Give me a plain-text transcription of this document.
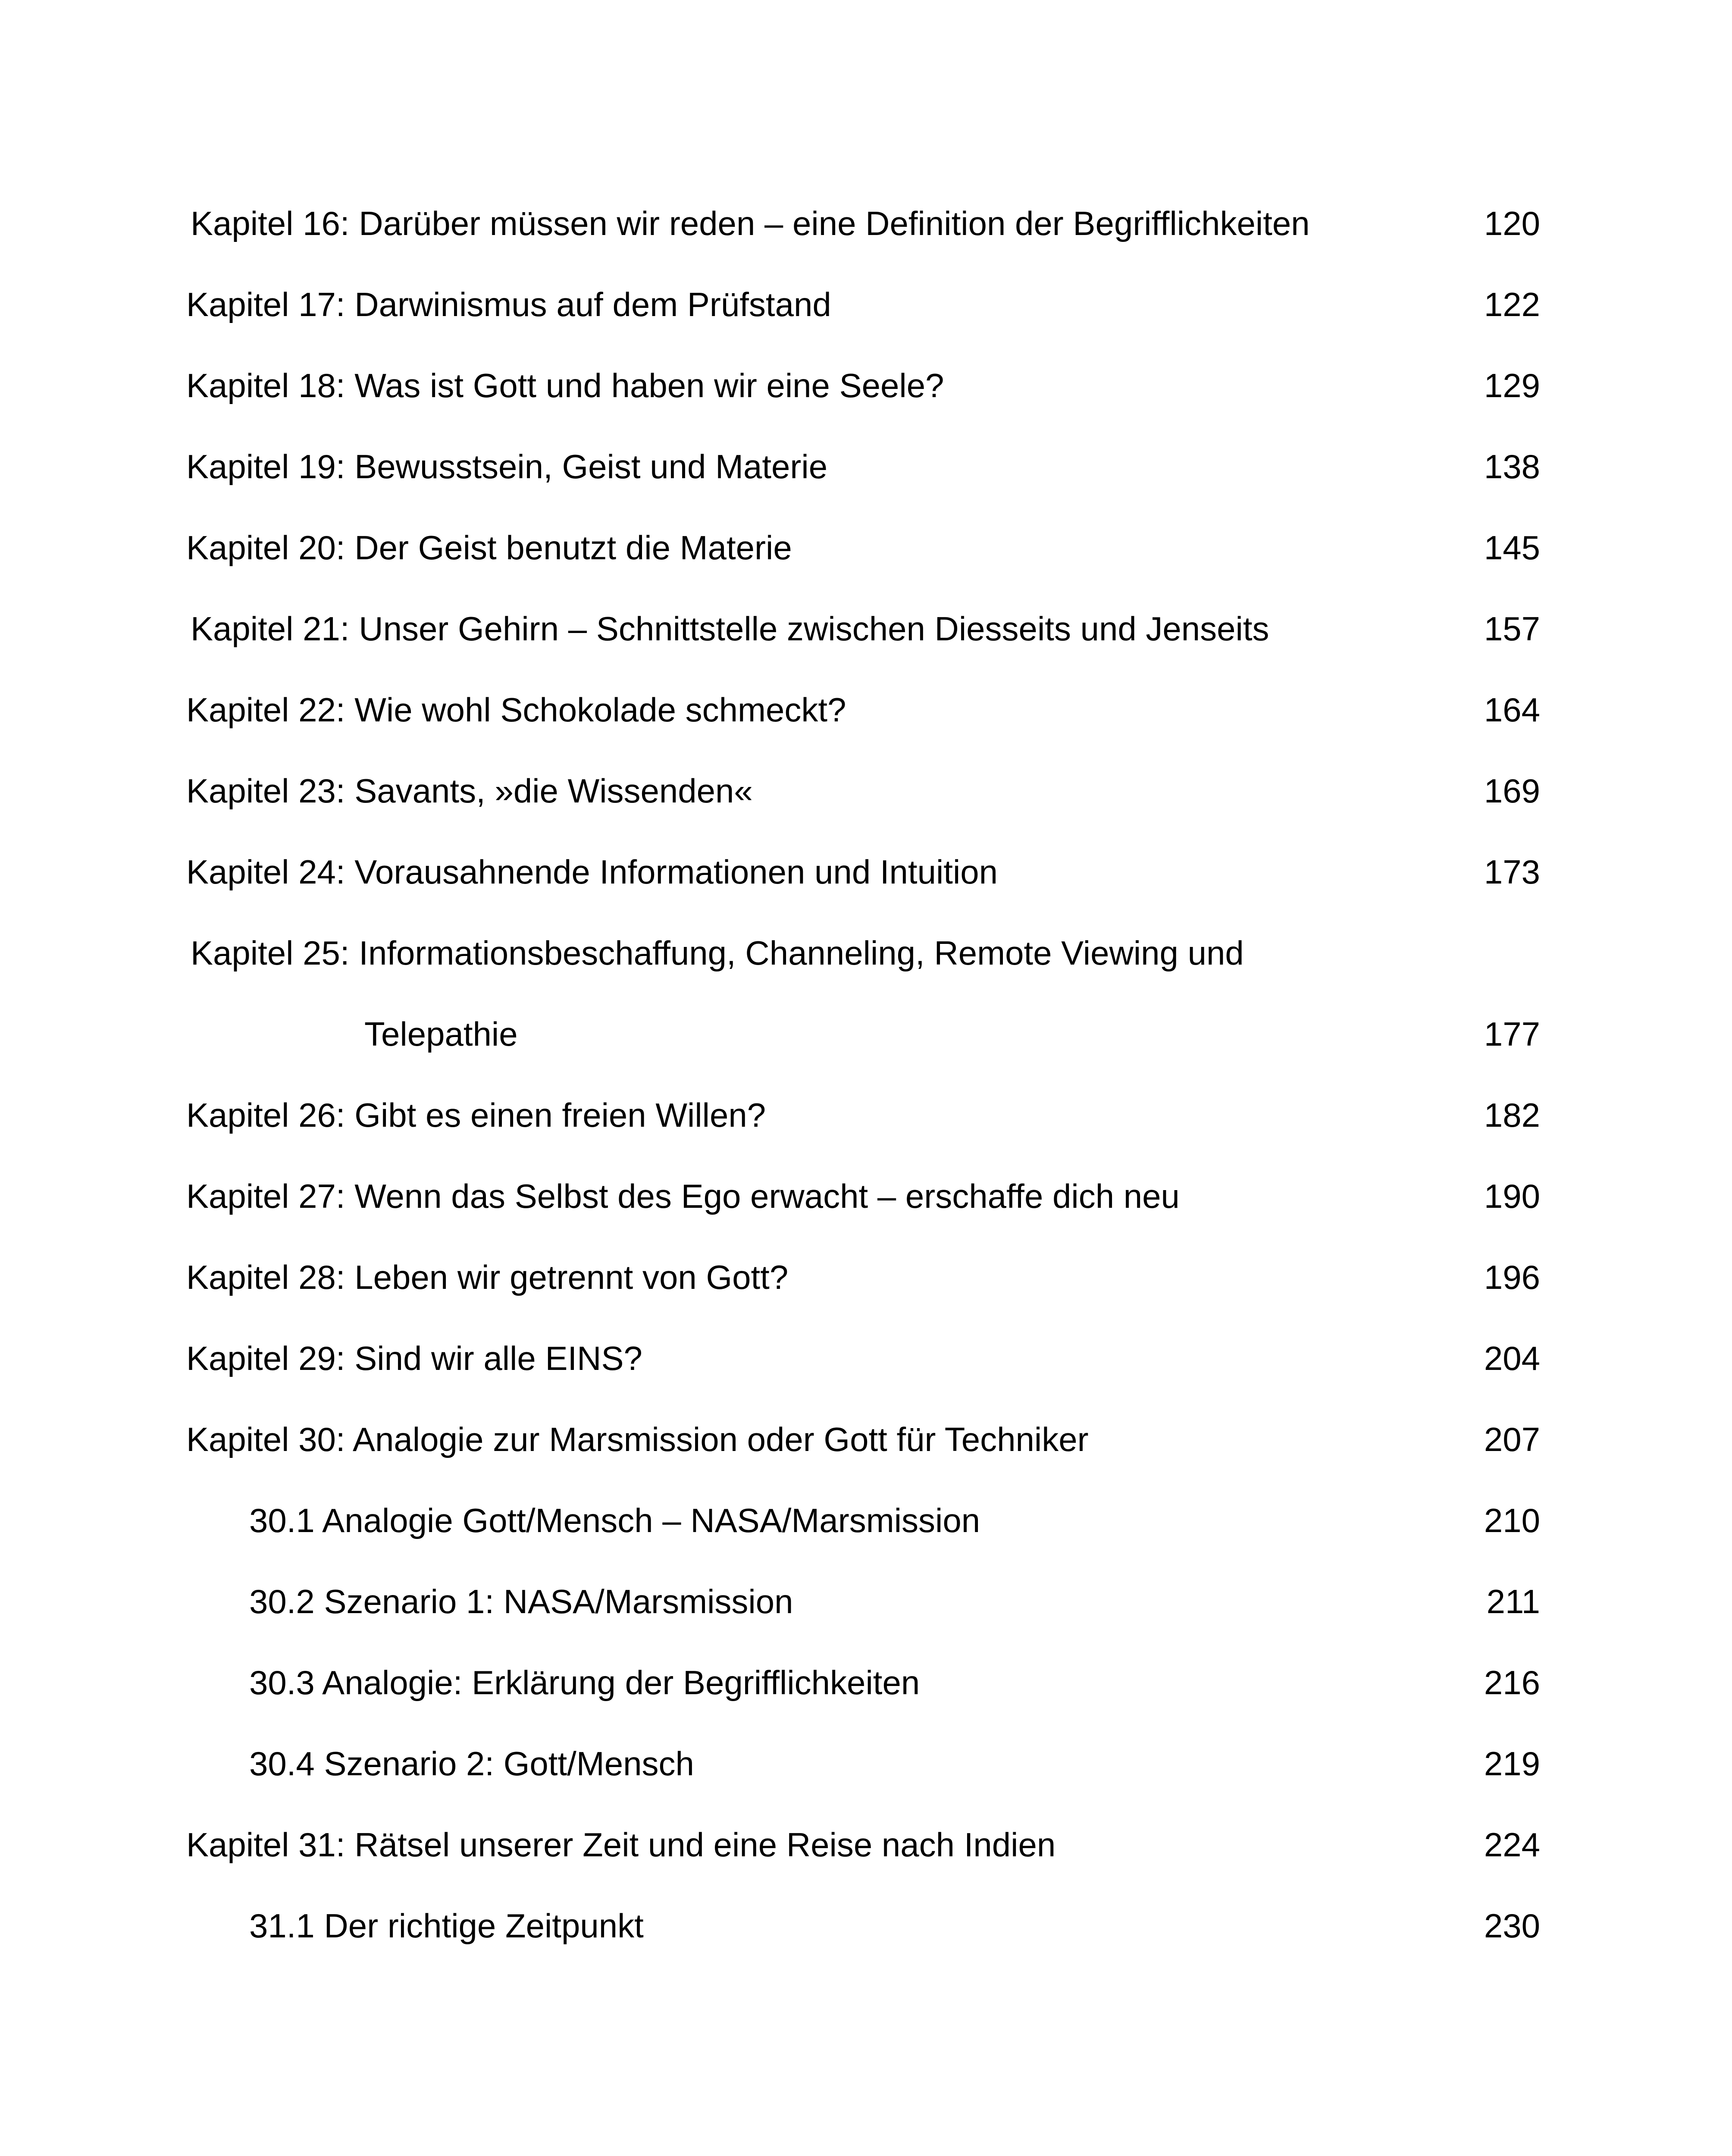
Kapitel 16: Darüber müssen wir reden – eine Definition der Begrifflichkeiten	120
Kapitel 17: Darwinismus auf dem Prüfstand	122
Kapitel 18: Was ist Gott und haben wir eine Seele?	129
Kapitel 19: Bewusstsein, Geist und Materie	138
Kapitel 20: Der Geist benutzt die Materie	145
Kapitel 21: Unser Gehirn – Schnittstelle zwischen Diesseits und Jenseits	157
Kapitel 22: Wie wohl Schokolade schmeckt?	164
Kapitel 23: Savants, »die Wissenden«	169
Kapitel 24: Vorausahnende Informationen und Intuition	173
Kapitel 25: Informationsbeschaffung, Channeling, Remote Viewing und
Telepathie	177
Kapitel 26: Gibt es einen freien Willen?	182
Kapitel 27: Wenn das Selbst des Ego erwacht – erschaffe dich neu	190
Kapitel 28: Leben wir getrennt von Gott?	196
Kapitel 29: Sind wir alle EINS?	204
Kapitel 30: Analogie zur Marsmission oder Gott für Techniker	207
30.1 Analogie Gott/Mensch – NASA/Marsmission	210
30.2 Szenario 1: NASA/Marsmission	211
30.3 Analogie: Erklärung der Begrifflichkeiten	216
30.4 Szenario 2: Gott/Mensch	219
Kapitel 31: Rätsel unserer Zeit und eine Reise nach Indien	224
31.1 Der richtige Zeitpunkt	230
